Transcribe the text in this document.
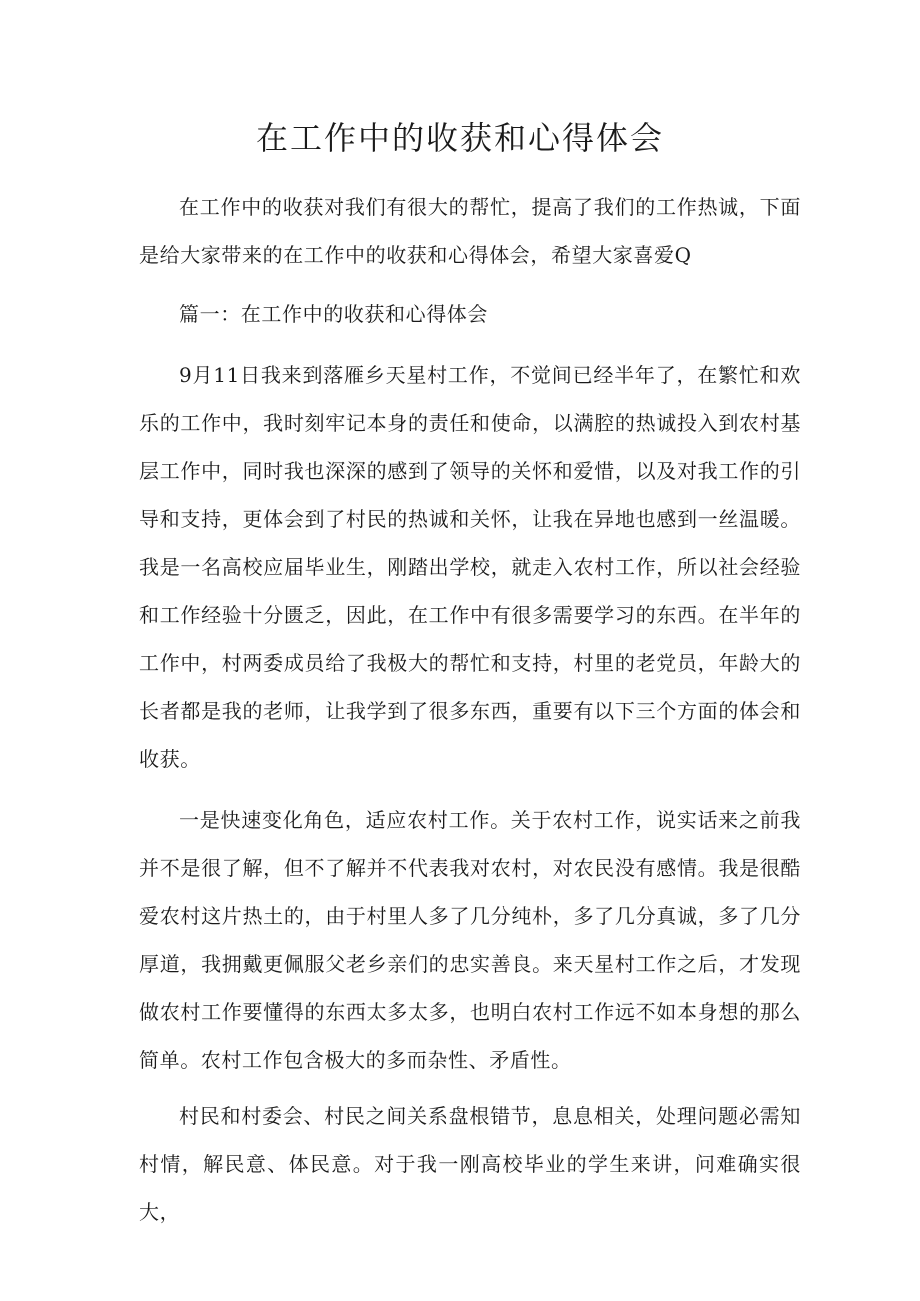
在工作中的收获和心得体会

在工作中的收获对我们有很大的帮忙，提高了我们的工作热诚，下面是给大家带来的在工作中的收获和心得体会，希望大家喜爱Q

篇一：在工作中的收获和心得体会

9月11日我来到落雁乡天星村工作，不觉间已经半年了，在繁忙和欢乐的工作中，我时刻牢记本身的责任和使命，以满腔的热诚投入到农村基层工作中，同时我也深深的感到了领导的关怀和爱惜，以及对我工作的引导和支持，更体会到了村民的热诚和关怀，让我在异地也感到一丝温暖。我是一名高校应届毕业生，刚踏出学校，就走入农村工作，所以社会经验和工作经验十分匮乏，因此，在工作中有很多需要学习的东西。在半年的工作中，村两委成员给了我极大的帮忙和支持，村里的老党员，年龄大的长者都是我的老师，让我学到了很多东西，重要有以下三个方面的体会和收获。

一是快速变化角色，适应农村工作。关于农村工作，说实话来之前我并不是很了解，但不了解并不代表我对农村，对农民没有感情。我是很酷爱农村这片热土的，由于村里人多了几分纯朴，多了几分真诚，多了几分厚道，我拥戴更佩服父老乡亲们的忠实善良。来天星村工作之后，才发现做农村工作要懂得的东西太多太多，也明白农村工作远不如本身想的那么简单。农村工作包含极大的多而杂性、矛盾性。

村民和村委会、村民之间关系盘根错节，息息相关，处理问题必需知村情，解民意、体民意。对于我一刚高校毕业的学生来讲，问难确实很大，
